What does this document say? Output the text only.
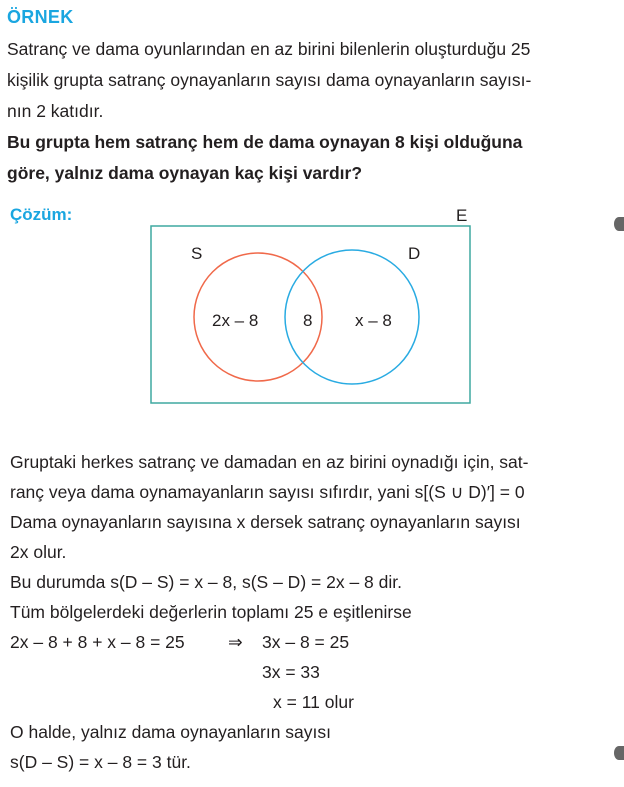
ÖRNEK
Satranç ve dama oyunlarından en az birini bilenlerin oluşturduğu 25
kişilik grupta satranç oynayanların sayısı dama oynayanların sayısı-
nın 2 katıdır.
Bu grupta hem satranç hem de dama oynayan 8 kişi olduğuna
göre, yalnız dama oynayan kaç kişi vardır?
Çözüm:	E
S	D
2x – 8	8	x – 8
Gruptaki herkes satranç ve damadan en az birini oynadığı için, sat-
ranç veya dama oynamayanların sayısı sıfırdır, yani s[(S ∪ D)′] = 0
Dama oynayanların sayısına x dersek satranç oynayanların sayısı
2x olur.
Bu durumda s(D – S) = x – 8, s(S – D) = 2x – 8 dir.
Tüm bölgelerdeki değerlerin toplamı 25 e eşitlenirse
2x – 8 + 8 + x – 8 = 25 ⇒ 3x – 8 = 25
3x = 33
x = 11 olur
O halde, yalnız dama oynayanların sayısı
s(D – S) = x – 8 = 3 tür.
